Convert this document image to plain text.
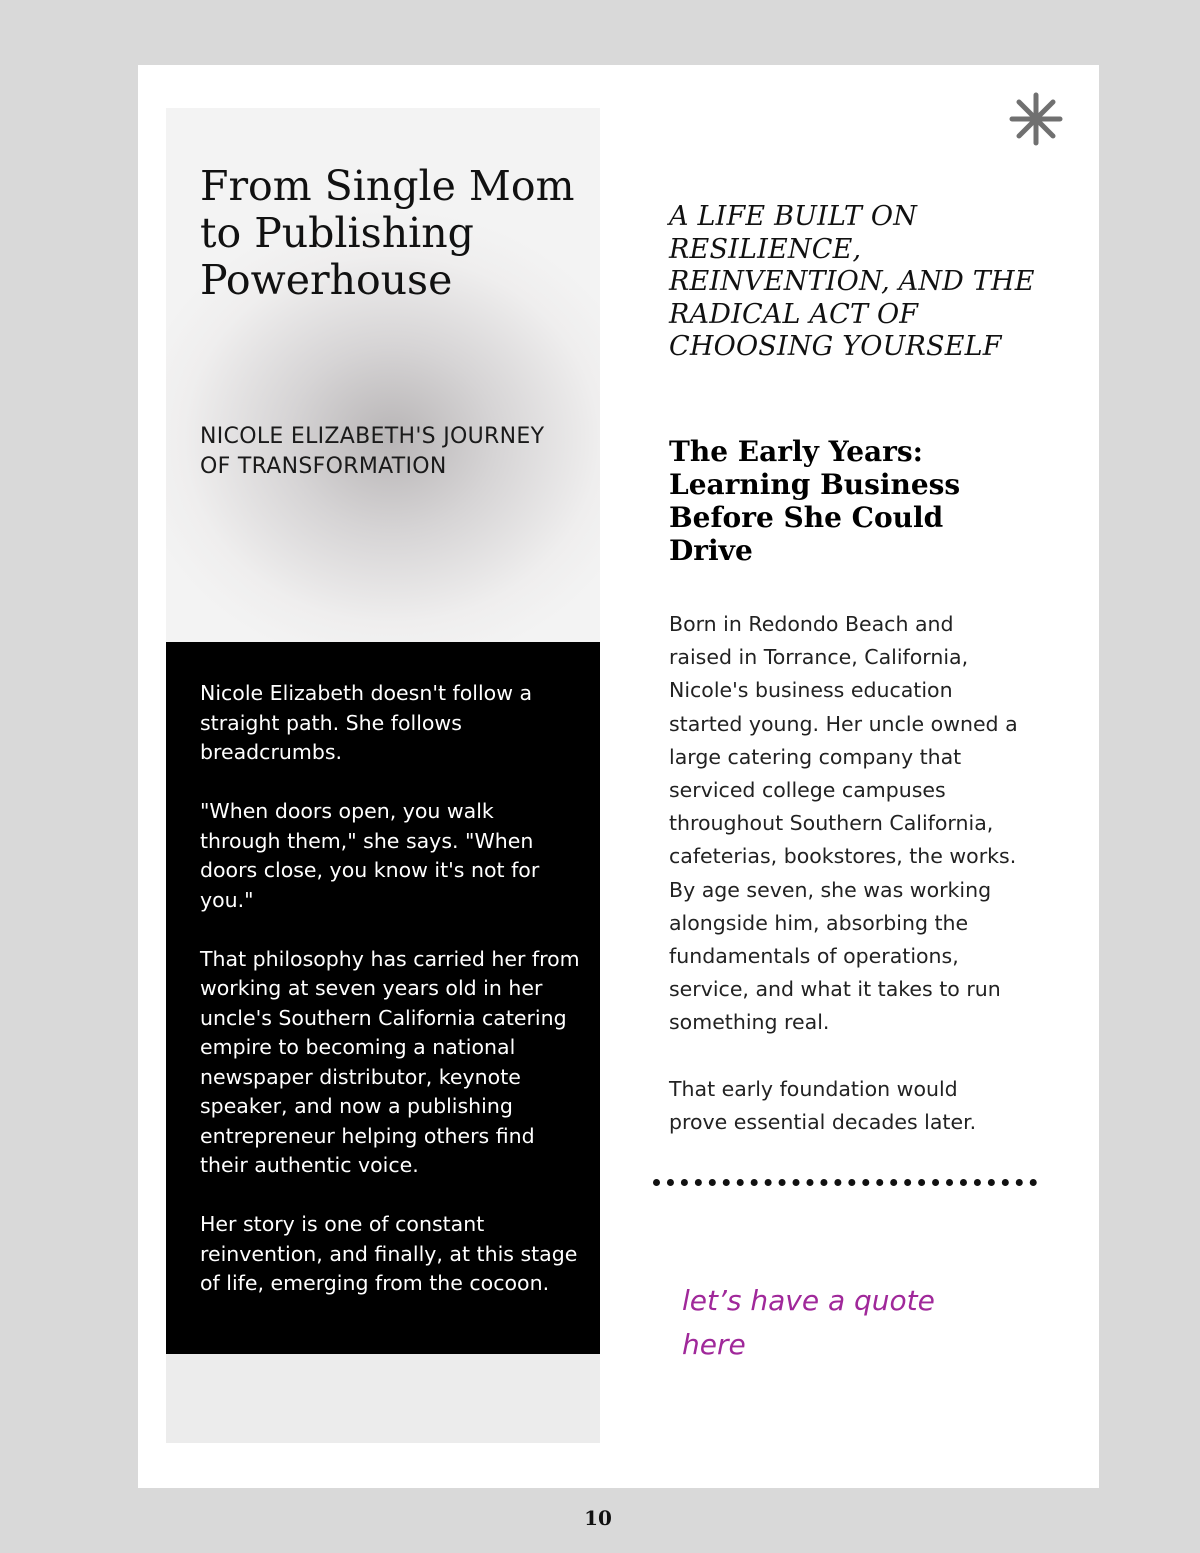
From Single Mom to Publishing Powerhouse
NICOLE ELIZABETH'S JOURNEY OF TRANSFORMATION

Nicole Elizabeth doesn't follow a straight path. She follows breadcrumbs.

"When doors open, you walk through them," she says. "When doors close, you know it's not for you."

That philosophy has carried her from working at seven years old in her uncle's Southern California catering empire to becoming a national newspaper distributor, keynote speaker, and now a publishing entrepreneur helping others find their authentic voice.

Her story is one of constant reinvention, and finally, at this stage of life, emerging from the cocoon.

A LIFE BUILT ON RESILIENCE, REINVENTION, AND THE RADICAL ACT OF CHOOSING YOURSELF
The Early Years: Learning Business Before She Could Drive

Born in Redondo Beach and raised in Torrance, California, Nicole's business education started young. Her uncle owned a large catering company that serviced college campuses throughout Southern California, cafeterias, bookstores, the works. By age seven, she was working alongside him, absorbing the fundamentals of operations, service, and what it takes to run something real.

That early foundation would prove essential decades later.

let’s have a quote here
10
